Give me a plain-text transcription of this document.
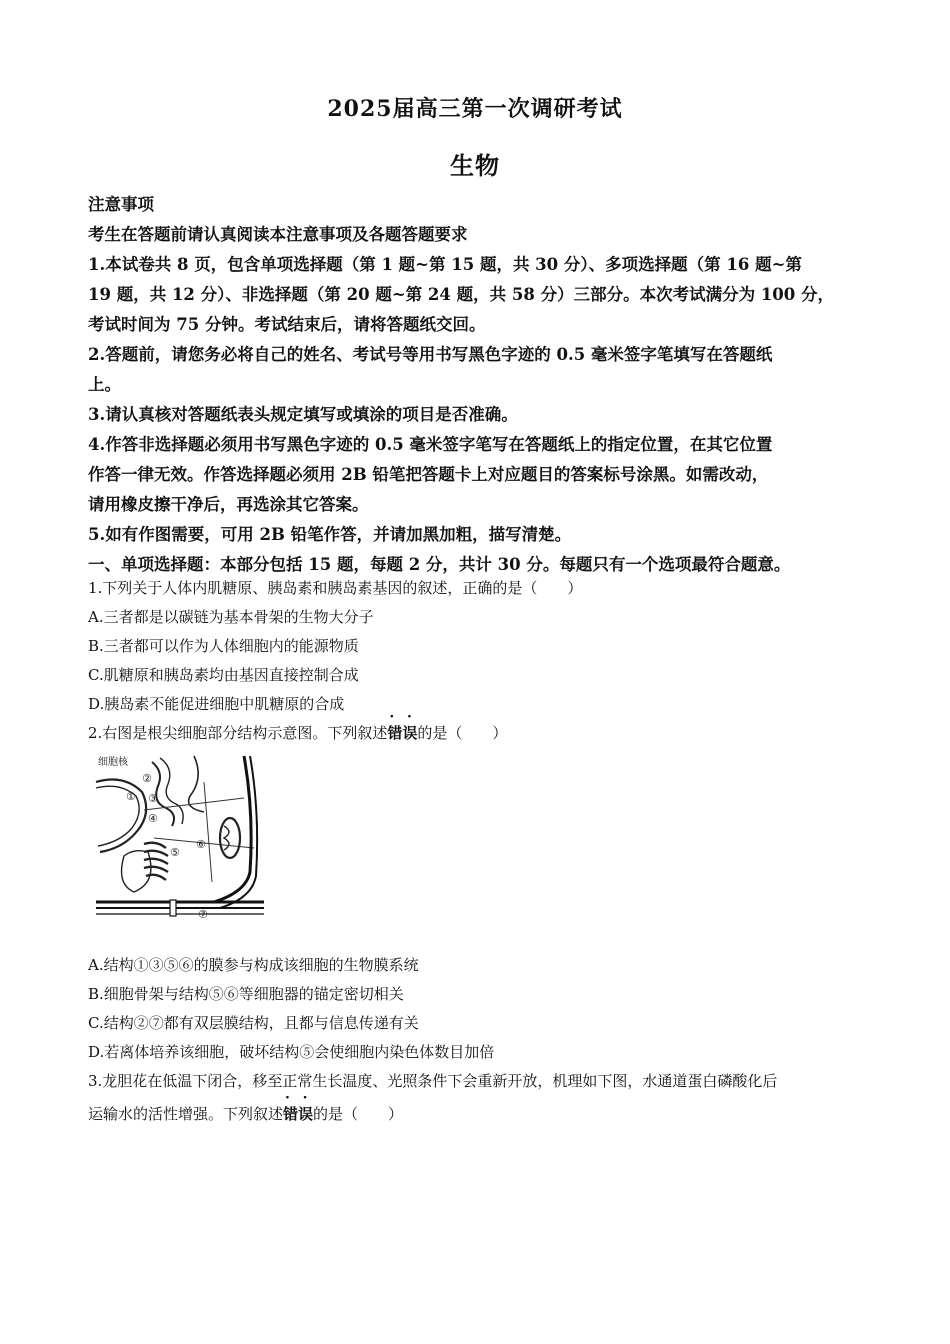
2025届高三第一次调研考试
生物

注意事项

考生在答题前请认真阅读本注意事项及各题答题要求

1.本试卷共 8 页，包含单项选择题（第 1 题~第 15 题，共 30 分）、多项选择题（第 16 题~第

19 题，共 12 分）、非选择题（第 20 题~第 24 题，共 58 分）三部分。本次考试满分为 100 分，

考试时间为 75 分钟。考试结束后，请将答题纸交回。

2.答题前，请您务必将自己的姓名、考试号等用书写黑色字迹的 0.5 毫米签字笔填写在答题纸

上。

3.请认真核对答题纸表头规定填写或填涂的项目是否准确。

4.作答非选择题必须用书写黑色字迹的 0.5 毫米签字笔写在答题纸上的指定位置，在其它位置

作答一律无效。作答选择题必须用 2B 铅笔把答题卡上对应题目的答案标号涂黑。如需改动，

请用橡皮擦干净后，再选涂其它答案。

5.如有作图需要，可用 2B 铅笔作答，并请加黑加粗，描写清楚。

一、单项选择题：本部分包括 15 题，每题 2 分，共计 30 分。每题只有一个选项最符合题意。

1.下列关于人体内肌糖原、胰岛素和胰岛素基因的叙述，正确的是（　　）

A.三者都是以碳链为基本骨架的生物大分子

B.三者都可以作为人体细胞内的能源物质

C.肌糖原和胰岛素均由基因直接控制合成

D.胰岛素不能促进细胞中肌糖原的合成

2.右图是根尖细胞部分结构示意图。下列叙述· · 错误的是（　　）

细胞核
②
① ③
④
⑤
⑥
⑦

A.结构①③⑤⑥的膜参与构成该细胞的生物膜系统

B.细胞骨架与结构⑤⑥等细胞器的锚定密切相关

C.结构②⑦都有双层膜结构，且都与信息传递有关

D.若离体培养该细胞，破坏结构⑤会使细胞内染色体数目加倍

3.龙胆花在低温下闭合，移至正常生长温度、光照条件下会重新开放，机理如下图，水通道蛋白磷酸化后

运输水的活性增强。下列叙述· · 错误的是（　　）
